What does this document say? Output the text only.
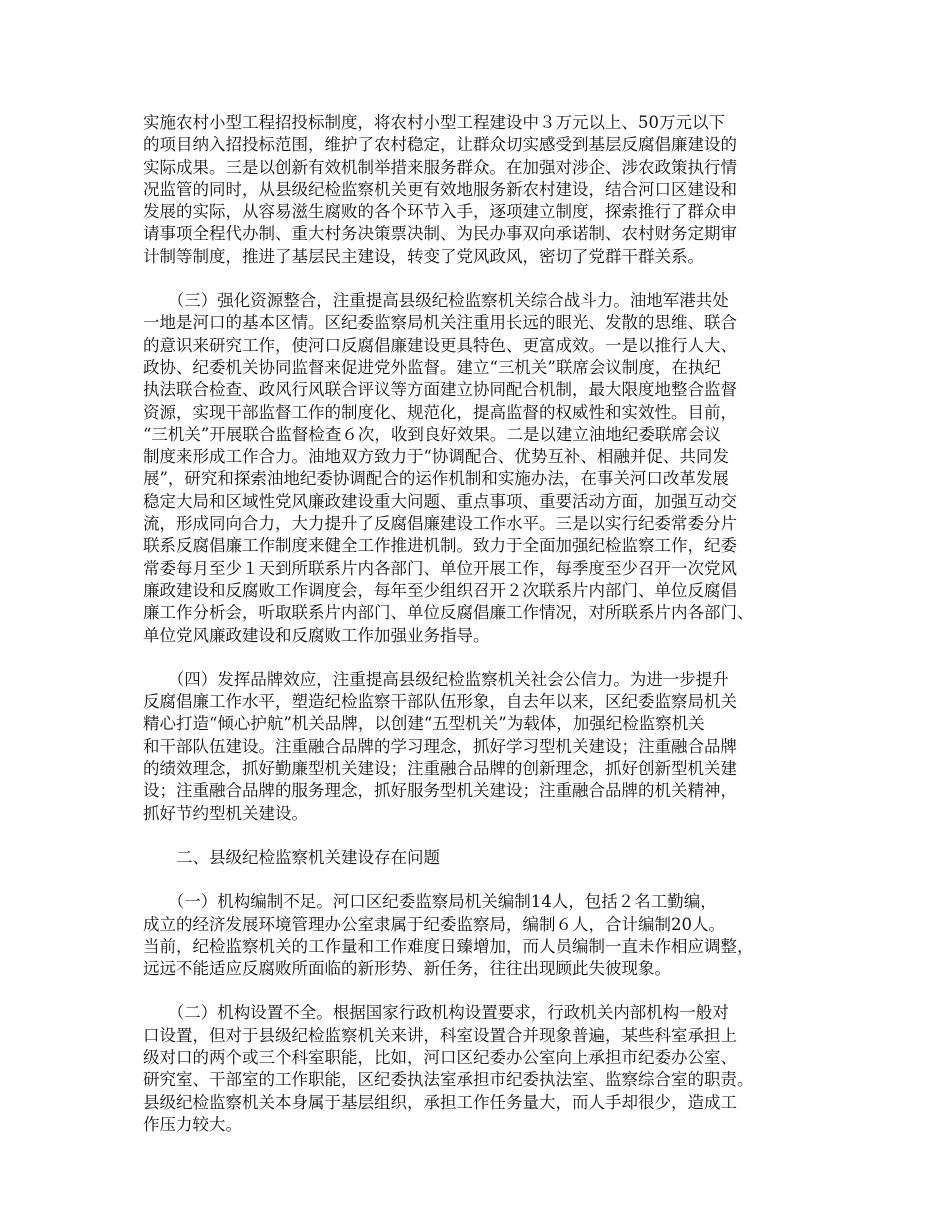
实施农村小型工程招投标制度，将农村小型工程建设中３万元以上、50万元以下
的项目纳入招投标范围，维护了农村稳定，让群众切实感受到基层反腐倡廉建设的
实际成果。三是以创新有效机制举措来服务群众。在加强对涉企、涉农政策执行情
况监管的同时，从县级纪检监察机关更有效地服务新农村建设，结合河口区建设和
发展的实际，从容易滋生腐败的各个环节入手，逐项建立制度，探索推行了群众申
请事项全程代办制、重大村务决策票决制、为民办事双向承诺制、农村财务定期审
计制等制度，推进了基层民主建设，转变了党风政风，密切了党群干群关系。
　　（三）强化资源整合，注重提高县级纪检监察机关综合战斗力。油地军港共处
一地是河口的基本区情。区纪委监察局机关注重用长远的眼光、发散的思维、联合
的意识来研究工作，使河口反腐倡廉建设更具特色、更富成效。一是以推行人大、
政协、纪委机关协同监督来促进党外监督。建立“三机关”联席会议制度，在执纪
执法联合检查、政风行风联合评议等方面建立协同配合机制，最大限度地整合监督
资源，实现干部监督工作的制度化、规范化，提高监督的权威性和实效性。目前，
“三机关”开展联合监督检查６次，收到良好效果。二是以建立油地纪委联席会议
制度来形成工作合力。油地双方致力于“协调配合、优势互补、相融并促、共同发
展”，研究和探索油地纪委协调配合的运作机制和实施办法，在事关河口改革发展
稳定大局和区域性党风廉政建设重大问题、重点事项、重要活动方面，加强互动交
流，形成同向合力，大力提升了反腐倡廉建设工作水平。三是以实行纪委常委分片
联系反腐倡廉工作制度来健全工作推进机制。致力于全面加强纪检监察工作，纪委
常委每月至少１天到所联系片内各部门、单位开展工作，每季度至少召开一次党风
廉政建设和反腐败工作调度会，每年至少组织召开２次联系片内部门、单位反腐倡
廉工作分析会，听取联系片内部门、单位反腐倡廉工作情况，对所联系片内各部门、
单位党风廉政建设和反腐败工作加强业务指导。
　　（四）发挥品牌效应，注重提高县级纪检监察机关社会公信力。为进一步提升
反腐倡廉工作水平，塑造纪检监察干部队伍形象，自去年以来，区纪委监察局机关
精心打造“倾心护航”机关品牌，以创建“五型机关”为载体，加强纪检监察机关
和干部队伍建设。注重融合品牌的学习理念，抓好学习型机关建设；注重融合品牌
的绩效理念，抓好勤廉型机关建设；注重融合品牌的创新理念，抓好创新型机关建
设；注重融合品牌的服务理念，抓好服务型机关建设；注重融合品牌的机关精神，
抓好节约型机关建设。
　　二、县级纪检监察机关建设存在问题
　　（一）机构编制不足。河口区纪委监察局机关编制14人，包括２名工勤编，
成立的经济发展环境管理办公室隶属于纪委监察局，编制６人，合计编制20人。
当前，纪检监察机关的工作量和工作难度日臻增加，而人员编制一直未作相应调整，
远远不能适应反腐败所面临的新形势、新任务，往往出现顾此失彼现象。
　　（二）机构设置不全。根据国家行政机构设置要求，行政机关内部机构一般对
口设置，但对于县级纪检监察机关来讲，科室设置合并现象普遍，某些科室承担上
级对口的两个或三个科室职能，比如，河口区纪委办公室向上承担市纪委办公室、
研究室、干部室的工作职能，区纪委执法室承担市纪委执法室、监察综合室的职责。
县级纪检监察机关本身属于基层组织，承担工作任务量大，而人手却很少，造成工
作压力较大。
